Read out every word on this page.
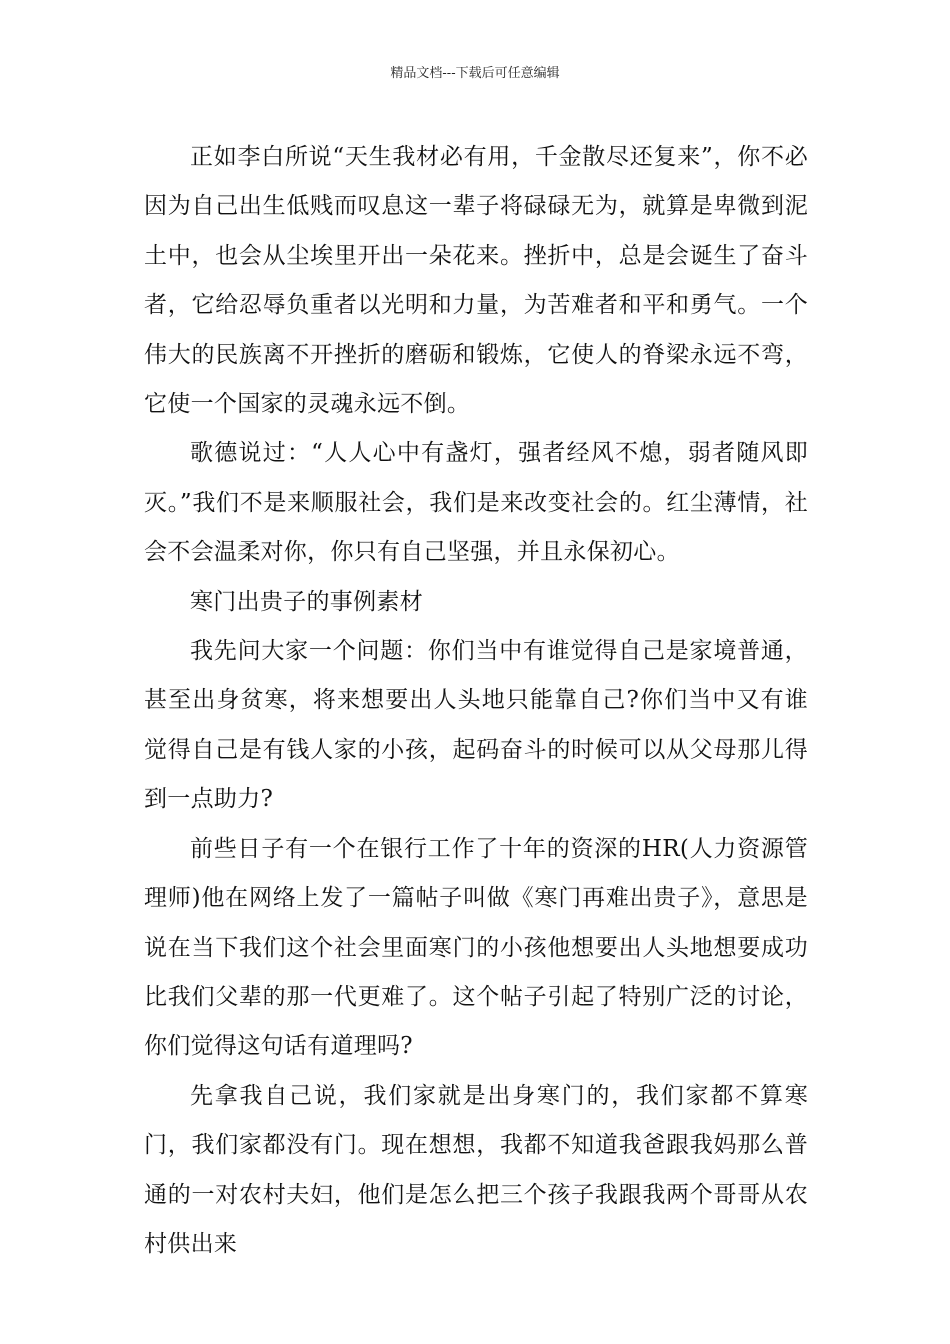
精品文档---下载后可任意编辑

正如李白所说“天生我材必有用，千金散尽还复来”，你不必因为自己出生低贱而叹息这一辈子将碌碌无为，就算是卑微到泥土中，也会从尘埃里开出一朵花来。挫折中，总是会诞生了奋斗者，它给忍辱负重者以光明和力量，为苦难者和平和勇气。一个伟大的民族离不开挫折的磨砺和锻炼，它使人的脊梁永远不弯，它使一个国家的灵魂永远不倒。

歌德说过：“人人心中有盏灯，强者经风不熄，弱者随风即灭。”我们不是来顺服社会，我们是来改变社会的。红尘薄情，社会不会温柔对你，你只有自己坚强，并且永保初心。

寒门出贵子的事例素材

我先问大家一个问题：你们当中有谁觉得自己是家境普通，甚至出身贫寒，将来想要出人头地只能靠自己?你们当中又有谁觉得自己是有钱人家的小孩，起码奋斗的时候可以从父母那儿得到一点助力?

前些日子有一个在银行工作了十年的资深的HR(人力资源管理师)他在网络上发了一篇帖子叫做《寒门再难出贵子》，意思是说在当下我们这个社会里面寒门的小孩他想要出人头地想要成功比我们父辈的那一代更难了。这个帖子引起了特别广泛的讨论，你们觉得这句话有道理吗?

先拿我自己说，我们家就是出身寒门的，我们家都不算寒门，我们家都没有门。现在想想，我都不知道我爸跟我妈那么普通的一对农村夫妇，他们是怎么把三个孩子我跟我两个哥哥从农村供出来
